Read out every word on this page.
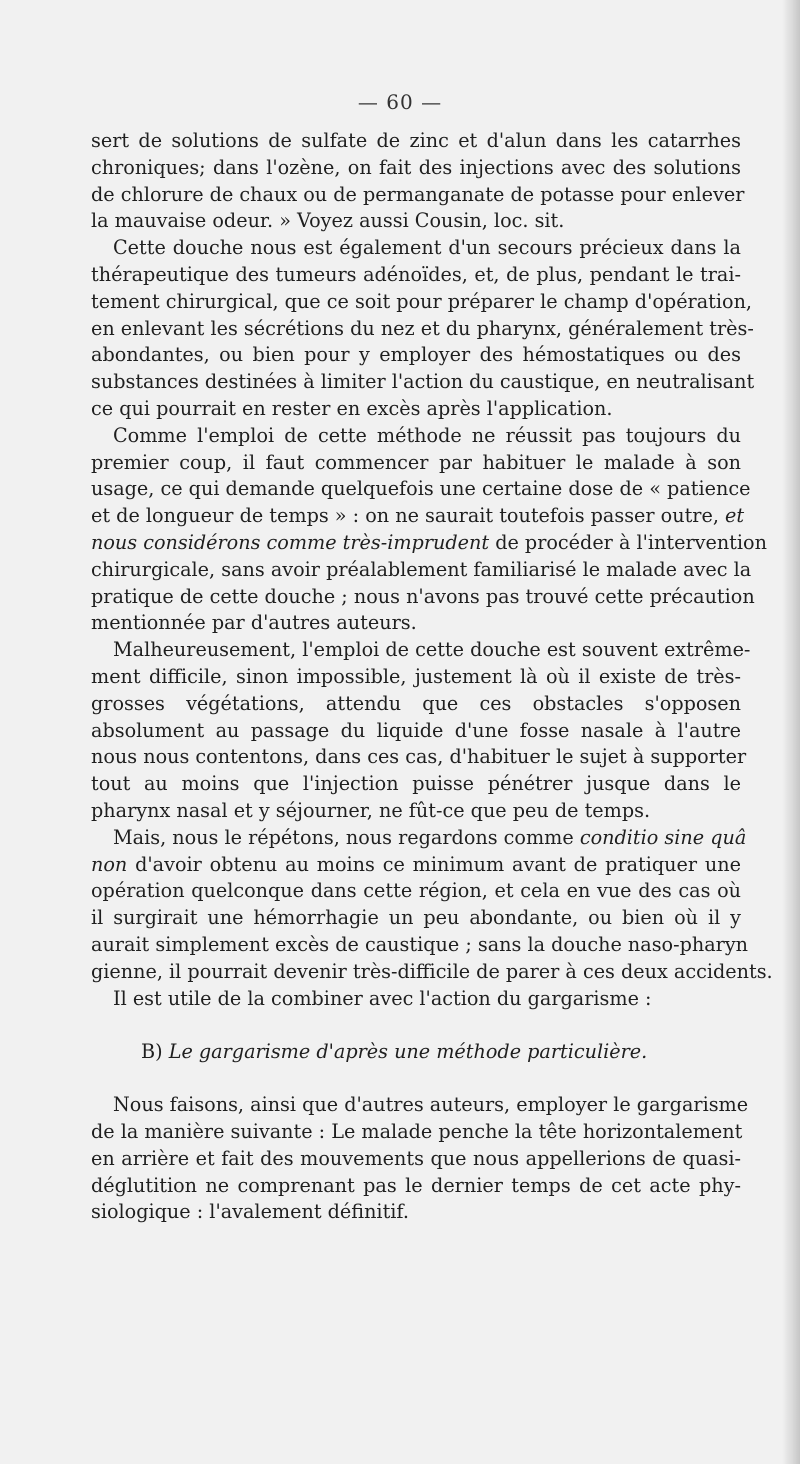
— 60 —
sert de solutions de sulfate de zinc et d'alun dans les catarrhes
chroniques; dans l'ozène, on fait des injections avec des solutions
de chlorure de chaux ou de permanganate de potasse pour enlever
la mauvaise odeur. » Voyez aussi Cousin, loc. sit.
Cette douche nous est également d'un secours précieux dans la
thérapeutique des tumeurs adénoïdes, et, de plus, pendant le trai-
tement chirurgical, que ce soit pour préparer le champ d'opération,
en enlevant les sécrétions du nez et du pharynx, généralement très-
abondantes, ou bien pour y employer des hémostatiques ou des
substances destinées à limiter l'action du caustique, en neutralisant
ce qui pourrait en rester en excès après l'application.
Comme l'emploi de cette méthode ne réussit pas toujours du
premier coup, il faut commencer par habituer le malade à son
usage, ce qui demande quelquefois une certaine dose de « patience
et de longueur de temps » : on ne saurait toutefois passer outre, et
nous considérons comme très-imprudent de procéder à l'intervention
chirurgicale, sans avoir préalablement familiarisé le malade avec la
pratique de cette douche ; nous n'avons pas trouvé cette précaution
mentionnée par d'autres auteurs.
Malheureusement, l'emploi de cette douche est souvent extrême-
ment difficile, sinon impossible, justement là où il existe de très-
grosses végétations, attendu que ces obstacles s'opposen
absolument au passage du liquide d'une fosse nasale à l'autre
nous nous contentons, dans ces cas, d'habituer le sujet à supporter
tout au moins que l'injection puisse pénétrer jusque dans le
pharynx nasal et y séjourner, ne fût-ce que peu de temps.
Mais, nous le répétons, nous regardons comme conditio sine quâ
non d'avoir obtenu au moins ce minimum avant de pratiquer une
opération quelconque dans cette région, et cela en vue des cas où
il surgirait une hémorrhagie un peu abondante, ou bien où il y
aurait simplement excès de caustique ; sans la douche naso-pharyn
gienne, il pourrait devenir très-difficile de parer à ces deux accidents.
Il est utile de la combiner avec l'action du gargarisme :
B) Le gargarisme d'après une méthode particulière.
Nous faisons, ainsi que d'autres auteurs, employer le gargarisme
de la manière suivante : Le malade penche la tête horizontalement
en arrière et fait des mouvements que nous appellerions de quasi-
déglutition ne comprenant pas le dernier temps de cet acte phy-
siologique : l'avalement définitif.
